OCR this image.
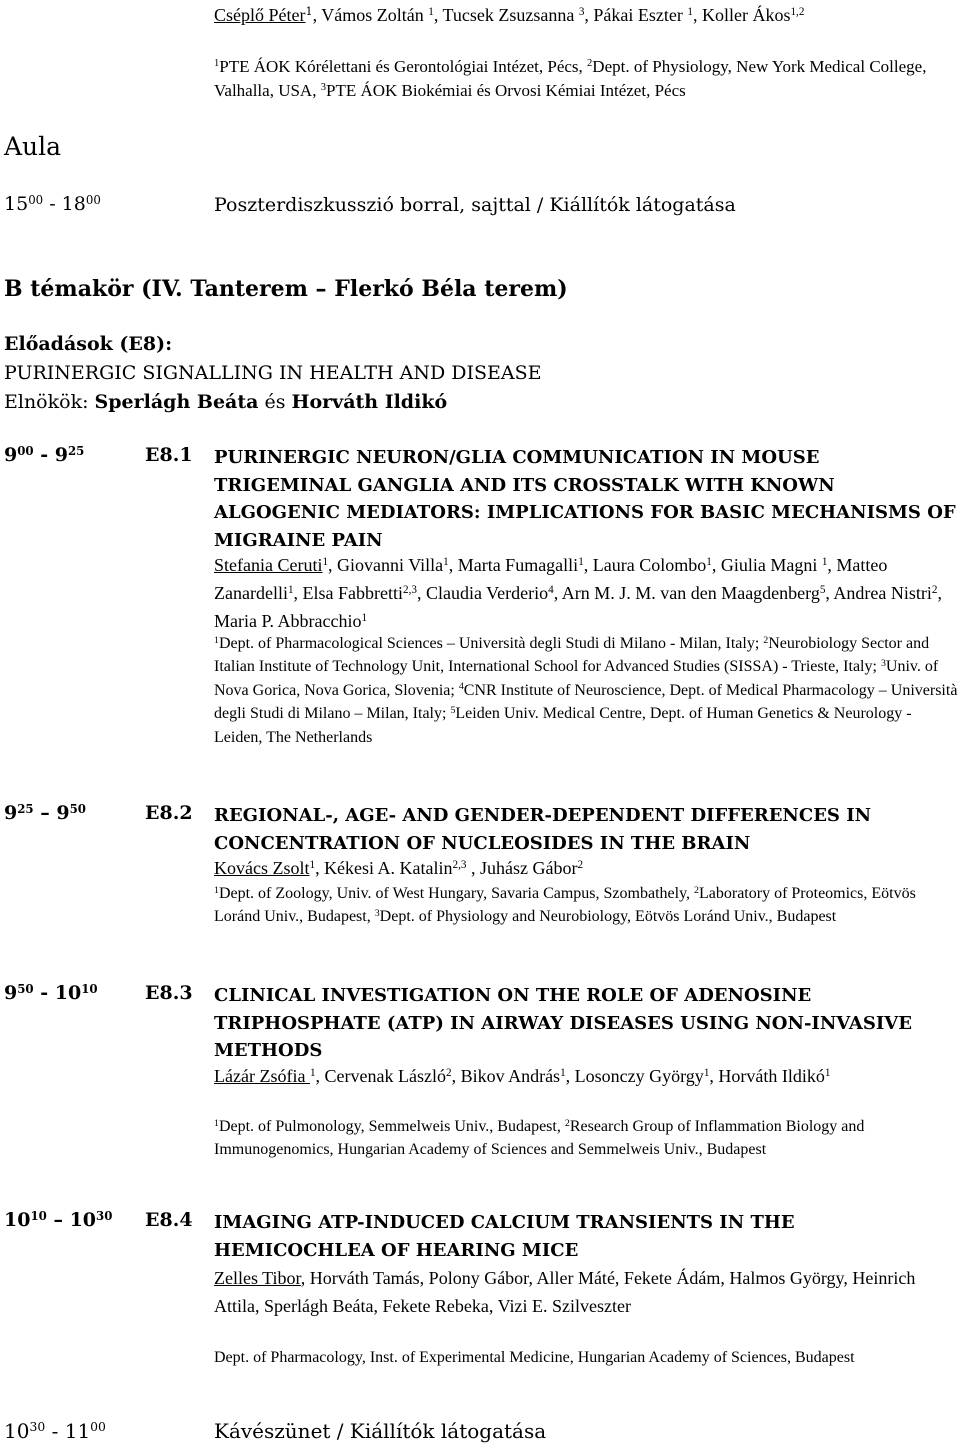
Cséplő Péter$^1$, Vámos Zoltán $^1$, Tucsek Zsuzsanna $^3$, Pákai Eszter $^1$, Koller Ákos$^{1,2}$
$^1$PTE ÁOK Kórélettani és Gerontológiai Intézet, Pécs, $^2$Dept. of Physiology, New York Medical College, Valhalla, USA, $^3$PTE ÁOK Biokémiai és Orvosi Kémiai Intézet, Pécs
Aula
$15^{00} - 18^{00}$	Poszterdiszkusszió borral, sajttal / Kiállítók látogatása
B témakör (IV. Tanterem – Flerkó Béla terem)
Előadások (E8):
PURINERGIC SIGNALLING IN HEALTH AND DISEASE
Elnökök: Sperlágh Beáta és Horváth Ildikó
$9^{00} - 9^{25}$	E8.1 PURINERGIC NEURON/GLIA COMMUNICATION IN MOUSE TRIGEMINAL GANGLIA AND ITS CROSSTALK WITH KNOWN ALGOGENIC MEDIATORS: IMPLICATIONS FOR BASIC MECHANISMS OF MIGRAINE PAIN
Stefania Ceruti$^1$, Giovanni Villa$^1$, Marta Fumagalli$^1$, Laura Colombo$^1$, Giulia Magni $^1$, Matteo Zanardelli$^1$, Elsa Fabbretti$^{2,3}$, Claudia Verderio$^4$, Arn M. J. M. van den Maagdenberg$^5$, Andrea Nistri$^2$, Maria P. Abbracchio$^1$
$^1$Dept. of Pharmacological Sciences – Università degli Studi di Milano - Milan, Italy; $^2$Neurobiology Sector and Italian Institute of Technology Unit, International School for Advanced Studies (SISSA) - Trieste, Italy; $^3$Univ. of Nova Gorica, Nova Gorica, Slovenia; $^4$CNR Institute of Neuroscience, Dept. of Medical Pharmacology – Università degli Studi di Milano – Milan, Italy; $^5$Leiden Univ. Medical Centre, Dept. of Human Genetics & Neurology - Leiden, The Netherlands
$9^{25} - 9^{50}$	E8.2 REGIONAL-, AGE- AND GENDER-DEPENDENT DIFFERENCES IN CONCENTRATION OF NUCLEOSIDES IN THE BRAIN
Kovács Zsolt$^1$, Kékesi A. Katalin$^{2,3}$ , Juhász Gábor$^2$
$^1$Dept. of Zoology, Univ. of West Hungary, Savaria Campus, Szombathely, $^2$Laboratory of Proteomics, Eötvös Loránd Univ., Budapest, $^3$Dept. of Physiology and Neurobiology, Eötvös Loránd Univ., Budapest
$9^{50} - 10^{10}$ E8.3 CLINICAL INVESTIGATION ON THE ROLE OF ADENOSINE TRIPHOSPHATE (ATP) IN AIRWAY DISEASES USING NON-INVASIVE METHODS
Lázár Zsófia $^1$, Cervenak László$^2$, Bikov András$^1$, Losonczy György$^1$, Horváth Ildikó$^1$
$^1$Dept. of Pulmonology, Semmelweis Univ., Budapest, $^2$Research Group of Inflammation Biology and Immunogenomics, Hungarian Academy of Sciences and Semmelweis Univ., Budapest
$10^{10} - 10^{30}$ E8.4 IMAGING ATP-INDUCED CALCIUM TRANSIENTS IN THE HEMICOCHLEA OF HEARING MICE
Zelles Tibor, Horváth Tamás, Polony Gábor, Aller Máté, Fekete Ádám, Halmos György, Heinrich Attila, Sperlágh Beáta, Fekete Rebeka, Vizi E. Szilveszter
Dept. of Pharmacology, Inst. of Experimental Medicine, Hungarian Academy of Sciences, Budapest
$10^{30} - 11^{00}$	Kávészünet / Kiállítók látogatása
